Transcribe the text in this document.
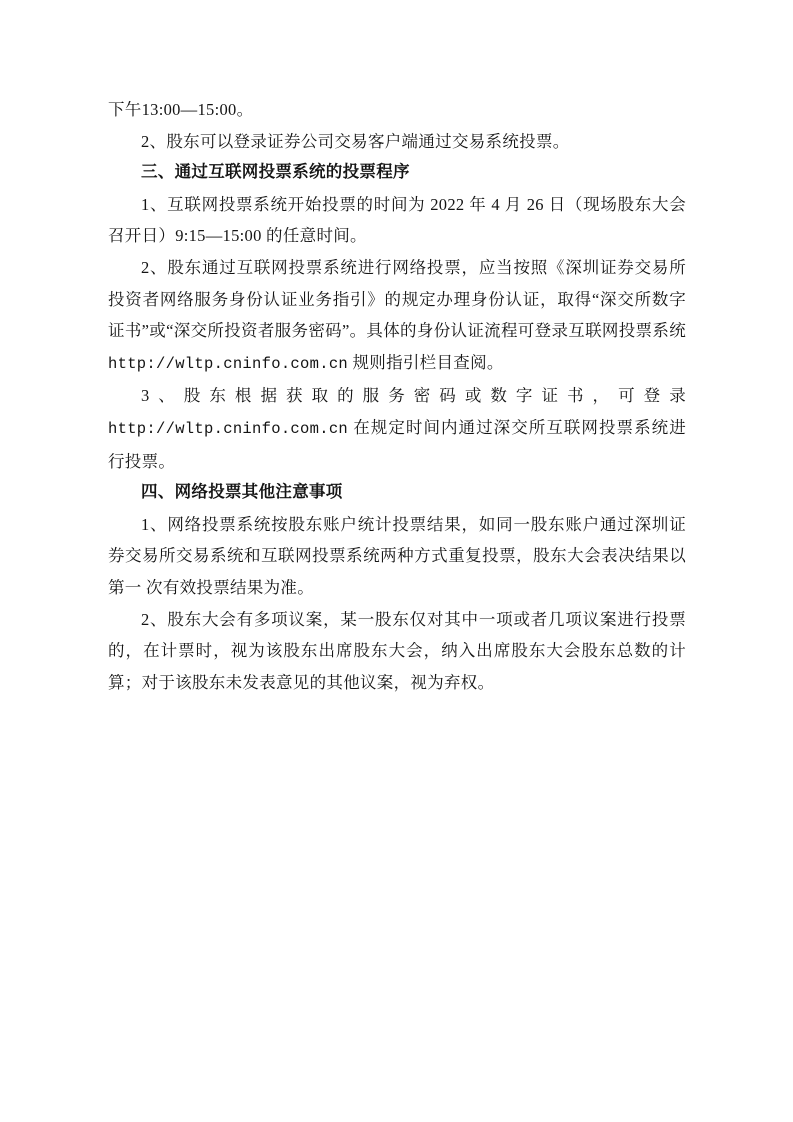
下午13:00—15:00。

2、股东可以登录证券公司交易客户端通过交易系统投票。

三、通过互联网投票系统的投票程序

1、互联网投票系统开始投票的时间为 2022 年 4 月 26 日（现场股东大会召开日）9:15—15:00 的任意时间。

2、股东通过互联网投票系统进行网络投票，应当按照《深圳证券交易所投资者网络服务身份认证业务指引》的规定办理身份认证，取得“深交所数字证书”或“深交所投资者服务密码”。具体的身份认证流程可登录互联网投票系统 http://wltp.cninfo.com.cn 规则指引栏目查阅。

3、股东根据获取的服务密码或数字证书，可登录 http://wltp.cninfo.com.cn 在规定时间内通过深交所互联网投票系统进行投票。

四、网络投票其他注意事项

1、网络投票系统按股东账户统计投票结果，如同一股东账户通过深圳证券交易所交易系统和互联网投票系统两种方式重复投票，股东大会表决结果以第一 次有效投票结果为准。

2、股东大会有多项议案，某一股东仅对其中一项或者几项议案进行投票的，在计票时，视为该股东出席股东大会，纳入出席股东大会股东总数的计算；对于该股东未发表意见的其他议案，视为弃权。
